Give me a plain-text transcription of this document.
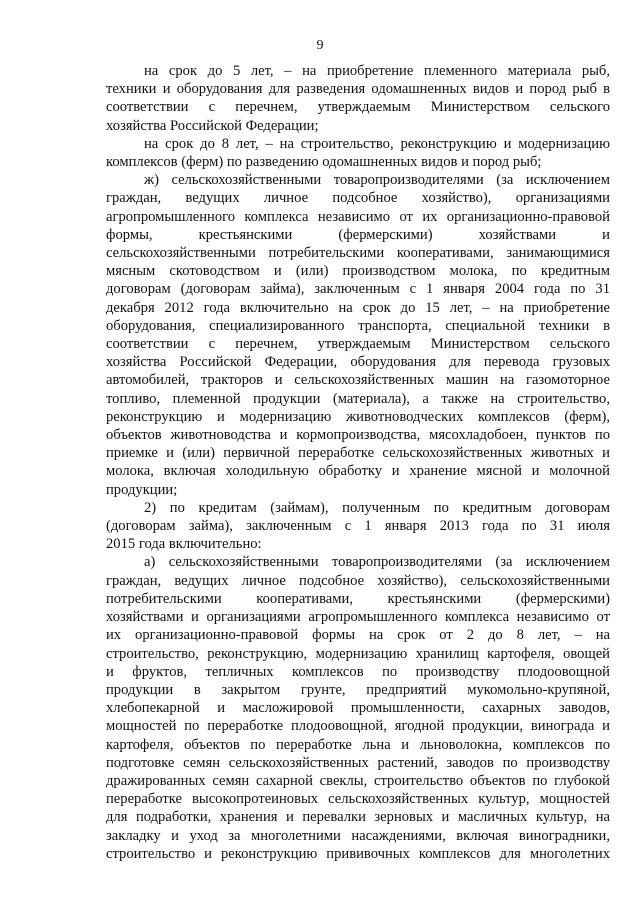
9
на срок до 5 лет, – на приобретение племенного материала рыб,
техники и оборудования для разведения одомашненных видов и пород рыб в
соответствии с перечнем, утверждаемым Министерством сельского
хозяйства Российской Федерации;
на срок до 8 лет, – на строительство, реконструкцию и модернизацию
комплексов (ферм) по разведению одомашненных видов и пород рыб;
ж) сельскохозяйственными товаропроизводителями (за исключением
граждан, ведущих личное подсобное хозяйство), организациями
агропромышленного комплекса независимо от их организационно-правовой
формы, крестьянскими (фермерскими) хозяйствами и
сельскохозяйственными потребительскими кооперативами, занимающимися
мясным скотоводством и (или) производством молока, по кредитным
договорам (договорам займа), заключенным с 1 января 2004 года по 31
декабря 2012 года включительно на срок до 15 лет, – на приобретение
оборудования, специализированного транспорта, специальной техники в
соответствии с перечнем, утверждаемым Министерством сельского
хозяйства Российской Федерации, оборудования для перевода грузовых
автомобилей, тракторов и сельскохозяйственных машин на газомоторное
топливо, племенной продукции (материала), а также на строительство,
реконструкцию и модернизацию животноводческих комплексов (ферм),
объектов животноводства и кормопроизводства, мясохладобоен, пунктов по
приемке и (или) первичной переработке сельскохозяйственных животных и
молока, включая холодильную обработку и хранение мясной и молочной
продукции;
2) по кредитам (займам), полученным по кредитным договорам
(договорам займа), заключенным с 1 января 2013 года по 31 июля
2015 года включительно:
а) сельскохозяйственными товаропроизводителями (за исключением
граждан, ведущих личное подсобное хозяйство), сельскохозяйственными
потребительскими кооперативами, крестьянскими (фермерскими)
хозяйствами и организациями агропромышленного комплекса независимо от
их организационно-правовой формы на срок от 2 до 8 лет, – на
строительство, реконструкцию, модернизацию хранилищ картофеля, овощей
и фруктов, тепличных комплексов по производству плодоовощной
продукции в закрытом грунте, предприятий мукомольно-крупяной,
хлебопекарной и масложировой промышленности, сахарных заводов,
мощностей по переработке плодоовощной, ягодной продукции, винограда и
картофеля, объектов по переработке льна и льноволокна, комплексов по
подготовке семян сельскохозяйственных растений, заводов по производству
дражированных семян сахарной свеклы, строительство объектов по глубокой
переработке высокопротеиновых сельскохозяйственных культур, мощностей
для подработки, хранения и перевалки зерновых и масличных культур, на
закладку и уход за многолетними насаждениями, включая виноградники,
строительство и реконструкцию прививочных комплексов для многолетних
